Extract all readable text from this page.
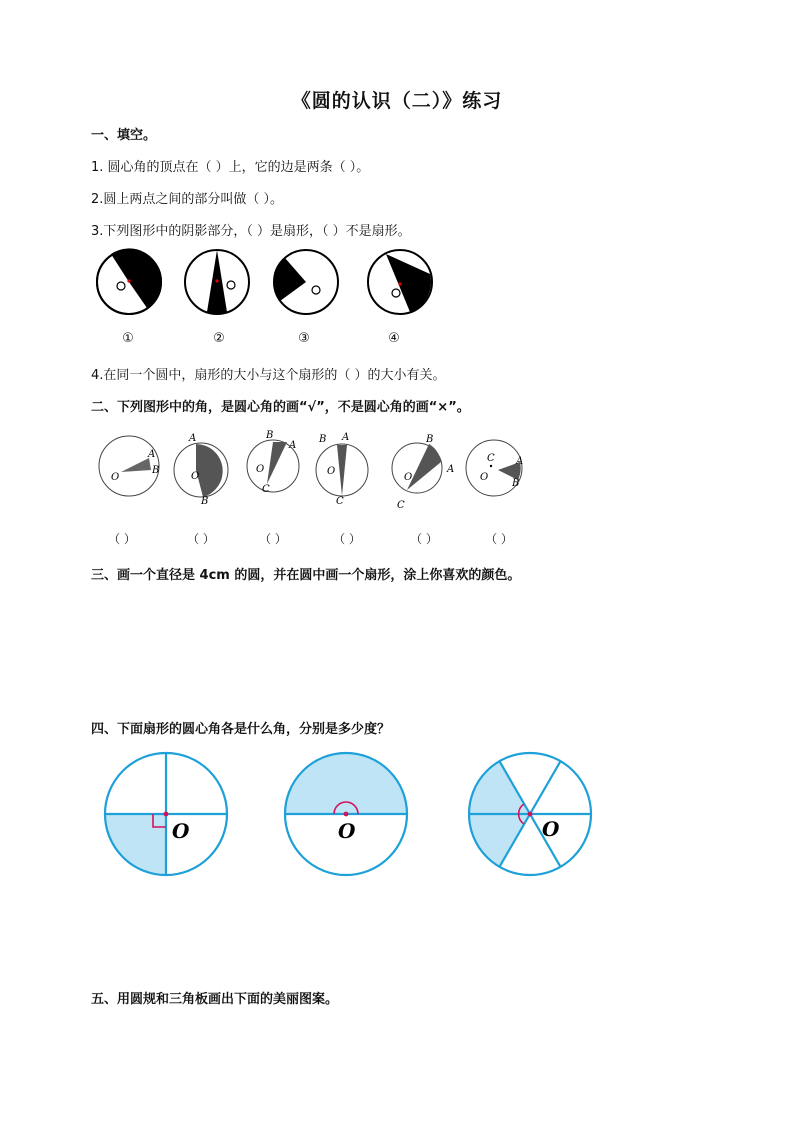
《圆的认识（二）》练习
一、填空。
1. 圆心角的顶点在（ ）上，它的边是两条（ ）。
2.圆上两点之间的部分叫做（ ）。
3.下列图形中的阴影部分，（ ）是扇形，（ ）不是扇形。
①	②	③	④
4.在同一个圆中，扇形的大小与这个扇形的（ ）的大小有关。
二、下列图形中的角，是圆心角的画“√”，不是圆心角的画“×”。
O
A
B
A
O
B
B
A
O
C
B A
O
C
B
A
O
C
C
O
A
B
（ ）	（ ）	（ ）	（ ）	（ ）	（ ）
三、画一个直径是 4cm 的圆，并在圆中画一个扇形，涂上你喜欢的颜色。
四、下面扇形的圆心角各是什么角，分别是多少度？
O	O	O
五、用圆规和三角板画出下面的美丽图案。
